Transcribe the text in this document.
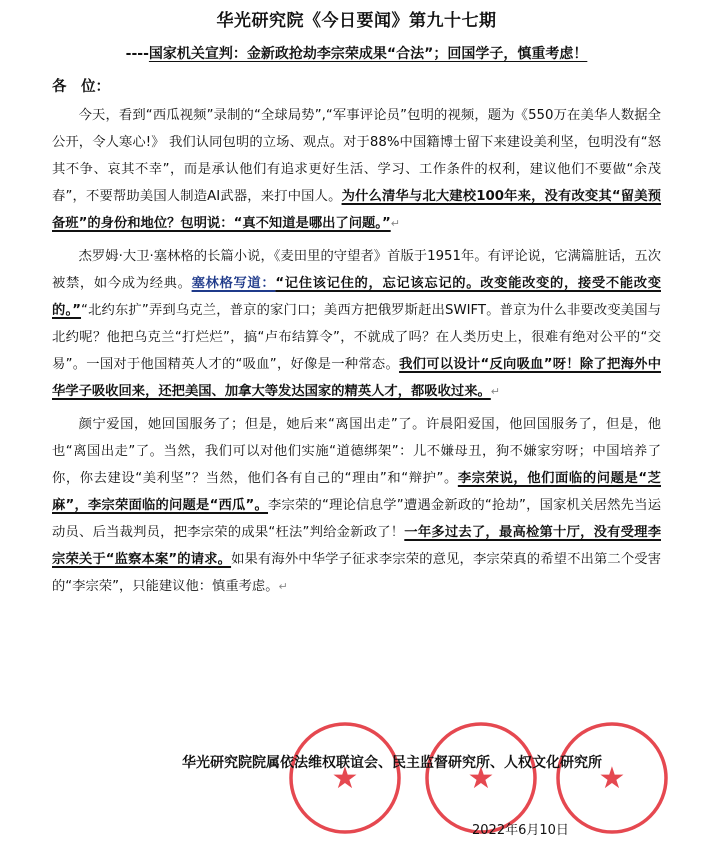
华光研究院《今日要闻》第九十七期
----国家机关宣判：金新政抢劫李宗荣成果“合法”；回国学子，慎重考虑！
各　位：

今天，看到“西瓜视频”录制的“全球局势”,“军事评论员”包明的视频，题为《550万在美华人数据全公开，令人寒心!》 我们认同包明的立场、观点。对于88%中国籍博士留下来建设美利坚，包明没有“怒其不争、哀其不幸”，而是承认他们有追求更好生活、学习、工作条件的权利，建议他们不要做“余茂春”，不要帮助美国人制造AI武器，来打中国人。为什么清华与北大建校100年来，没有改变其“留美预备班”的身份和地位？包明说：“真不知道是哪出了问题。”↵

杰罗姆·大卫·塞林格的长篇小说，《麦田里的守望者》首版于1951年。有评论说，它满篇脏话，五次被禁，如今成为经典。塞林格写道：“记住该记住的，忘记该忘记的。改变能改变的，接受不能改变的。”“北约东扩”弄到乌克兰，普京的家门口；美西方把俄罗斯赶出SWIFT。普京为什么非要改变美国与北约呢？他把乌克兰“打烂烂”，搞“卢布结算令”，不就成了吗？在人类历史上，很难有绝对公平的“交易”。一国对于他国精英人才的“吸血”，好像是一种常态。我们可以设计“反向吸血”呀！除了把海外中华学子吸收回来，还把美国、加拿大等发达国家的精英人才，都吸收过来。↵

颜宁爱国，她回国服务了；但是，她后来“离国出走”了。许晨阳爱国，他回国服务了，但是，他也“离国出走”了。当然，我们可以对他们实施“道德绑架”：儿不嫌母丑，狗不嫌家穷呀；中国培养了你，你去建设“美利坚”？当然，他们各有自己的“理由”和“辩护”。李宗荣说，他们面临的问题是“芝麻”，李宗荣面临的问题是“西瓜”。李宗荣的“理论信息学”遭遇金新政的“抢劫”，国家机关居然先当运动员、后当裁判员，把李宗荣的成果“枉法”判给金新政了！一年多过去了，最高检第十厅，没有受理李宗荣关于“监察本案”的请求。如果有海外中华学子征求李宗荣的意见，李宗荣真的希望不出第二个受害的“李宗荣”，只能建议他：慎重考虑。↵

华光研究院院属依法维权联谊会、民主监督研究所、人权文化研究所
2022年6月10日
★	★	★
